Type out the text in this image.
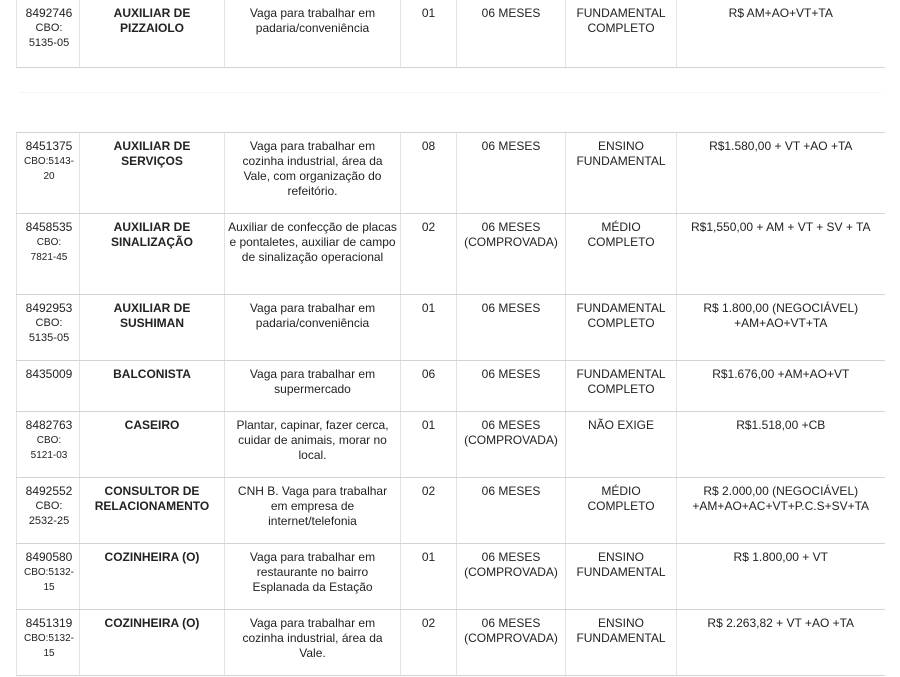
8492746
CBO:
5135-05	AUXILIAR DE PIZZAIOLO	Vaga para trabalhar em padaria/conveniência	01	06 MESES	FUNDAMENTAL COMPLETO	R$ AM+AO+VT+TA

8451375
CBO:5143-
20	AUXILIAR DE SERVIÇOS	Vaga para trabalhar em cozinha industrial, área da Vale, com organização do refeitório.	08	06 MESES	ENSINO FUNDAMENTAL	R$1.580,00 + VT +AO +TA

8458535
CBO:
7821-45	AUXILIAR DE SINALIZAÇÃO	Auxiliar de confecção de placas e pontaletes, auxiliar de campo de sinalização operacional	02	06 MESES (COMPROVADA)	MÉDIO COMPLETO	R$1,550,00 + AM + VT + SV + TA

8492953
CBO:
5135-05	AUXILIAR DE SUSHIMAN	Vaga para trabalhar em padaria/conveniência	01	06 MESES	FUNDAMENTAL COMPLETO	R$ 1.800,00 (NEGOCIÁVEL) +AM+AO+VT+TA

8435009	BALCONISTA	Vaga para trabalhar em supermercado	06	06 MESES	FUNDAMENTAL COMPLETO	R$1.676,00 +AM+AO+VT

8482763
CBO:
5121-03	CASEIRO	Plantar, capinar, fazer cerca, cuidar de animais, morar no local.	01	06 MESES (COMPROVADA)	NÃO EXIGE	R$1.518,00 +CB

8492552
CBO:
2532-25	CONSULTOR DE RELACIONAMENTO	CNH B. Vaga para trabalhar em empresa de internet/telefonia	02	06 MESES	MÉDIO COMPLETO	R$ 2.000,00 (NEGOCIÁVEL) +AM+AO+AC+VT+P.C.S+SV+TA

8490580
CBO:5132-
15	COZINHEIRA (O)	Vaga para trabalhar em restaurante no bairro Esplanada da Estação	01	06 MESES (COMPROVADA)	ENSINO FUNDAMENTAL	R$ 1.800,00 + VT

8451319
CBO:5132-
15	COZINHEIRA (O)	Vaga para trabalhar em cozinha industrial, área da Vale.	02	06 MESES (COMPROVADA)	ENSINO FUNDAMENTAL	R$ 2.263,82 + VT +AO +TA
